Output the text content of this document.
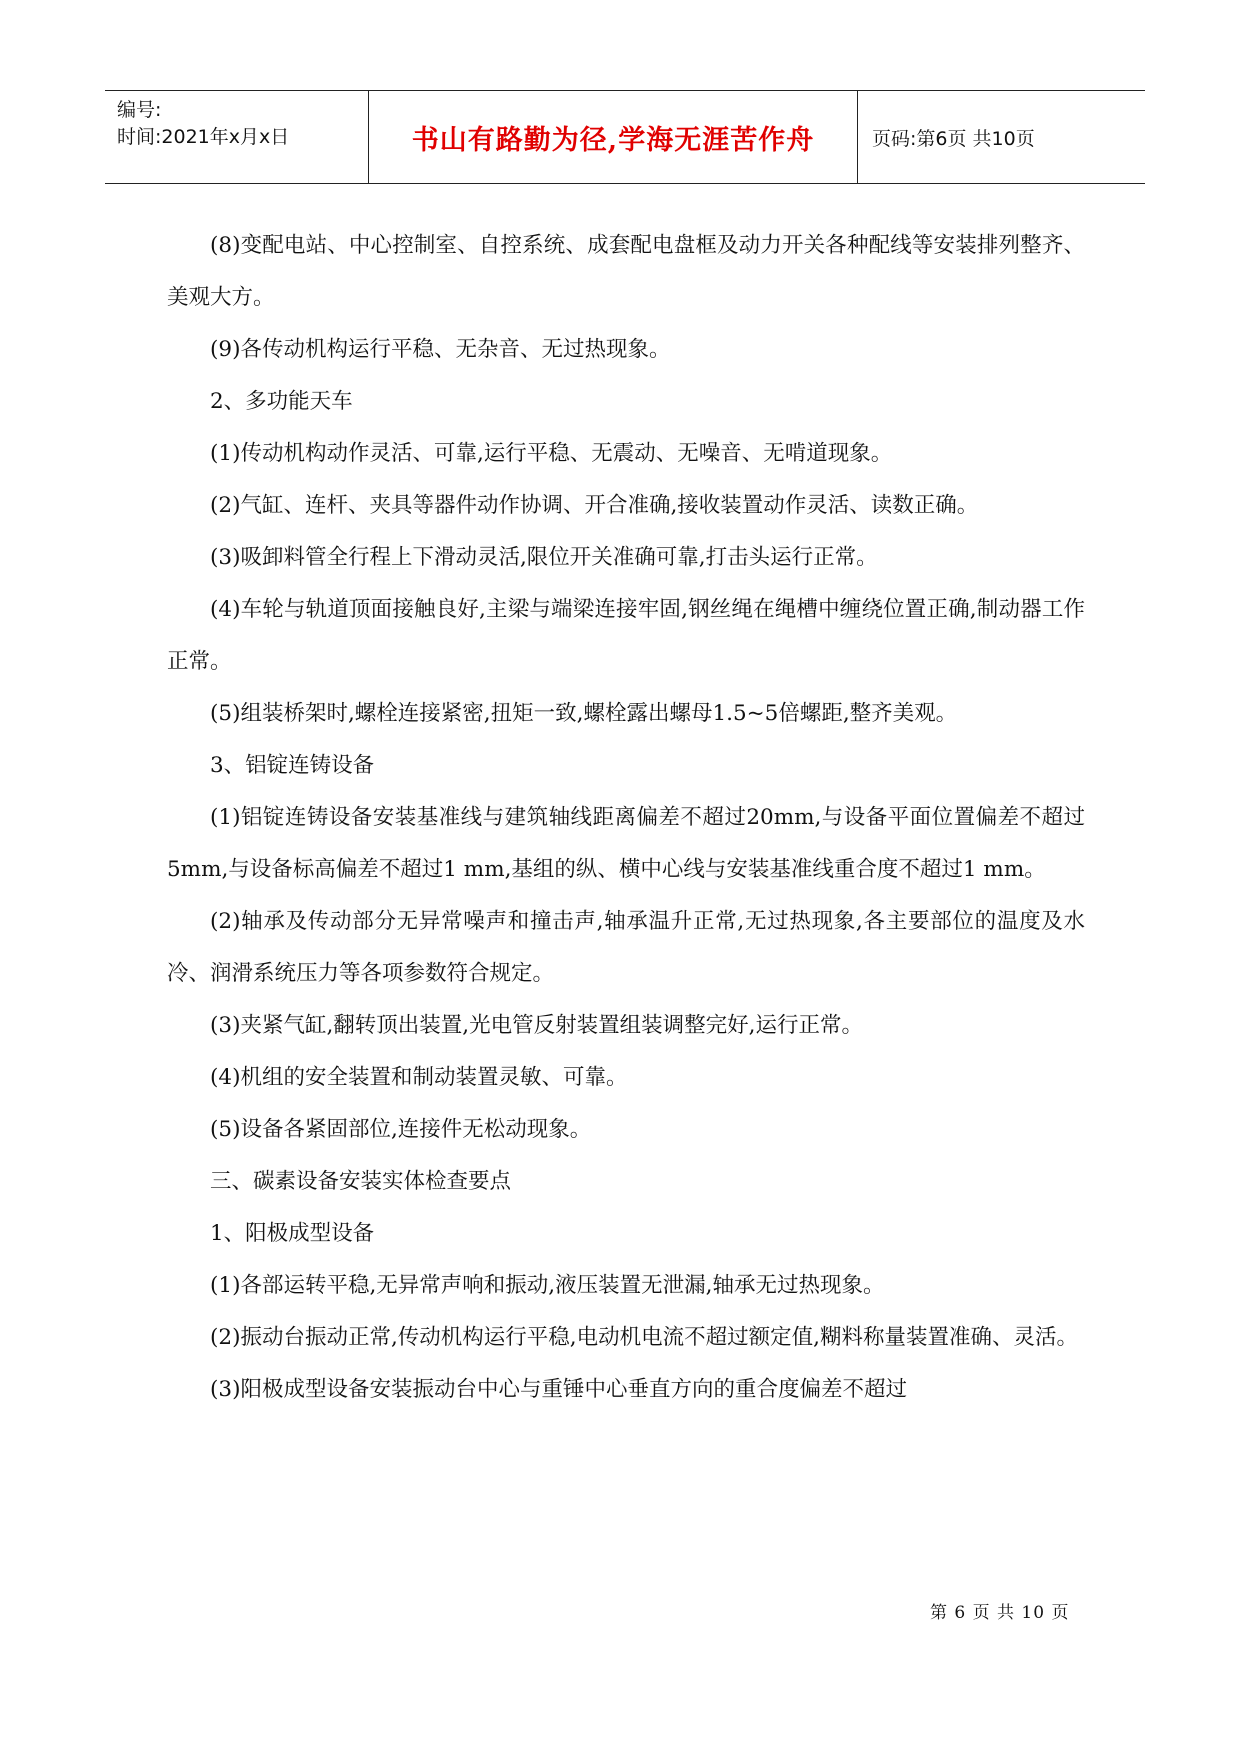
编号:
时间:2021年x月x日	书山有路勤为径,学海无涯苦作舟	页码:第6页 共10页

(8)变配电站、中心控制室、自控系统、成套配电盘框及动力开关各种配线等安装排列整齐、美观大方。

(9)各传动机构运行平稳、无杂音、无过热现象。

2、多功能天车

(1)传动机构动作灵活、可靠,运行平稳、无震动、无噪音、无啃道现象。

(2)气缸、连杆、夹具等器件动作协调、开合准确,接收装置动作灵活、读数正确。

(3)吸卸料管全行程上下滑动灵活,限位开关准确可靠,打击头运行正常。

(4)车轮与轨道顶面接触良好,主梁与端梁连接牢固,钢丝绳在绳槽中缠绕位置正确,制动器工作正常。

(5)组装桥架时,螺栓连接紧密,扭矩一致,螺栓露出螺母1.5~5倍螺距,整齐美观。

3、铝锭连铸设备

(1)铝锭连铸设备安装基准线与建筑轴线距离偏差不超过20mm,与设备平面位置偏差不超过5mm,与设备标高偏差不超过1 mm,基组的纵、横中心线与安装基准线重合度不超过1 mm。

(2)轴承及传动部分无异常噪声和撞击声,轴承温升正常,无过热现象,各主要部位的温度及水冷、润滑系统压力等各项参数符合规定。

(3)夹紧气缸,翻转顶出装置,光电管反射装置组装调整完好,运行正常。

(4)机组的安全装置和制动装置灵敏、可靠。

(5)设备各紧固部位,连接件无松动现象。

三、碳素设备安装实体检查要点

1、阳极成型设备

(1)各部运转平稳,无异常声响和振动,液压装置无泄漏,轴承无过热现象。

(2)振动台振动正常,传动机构运行平稳,电动机电流不超过额定值,糊料称量装置准确、灵活。

(3)阳极成型设备安装振动台中心与重锤中心垂直方向的重合度偏差不超过

第 6 页 共 10 页
